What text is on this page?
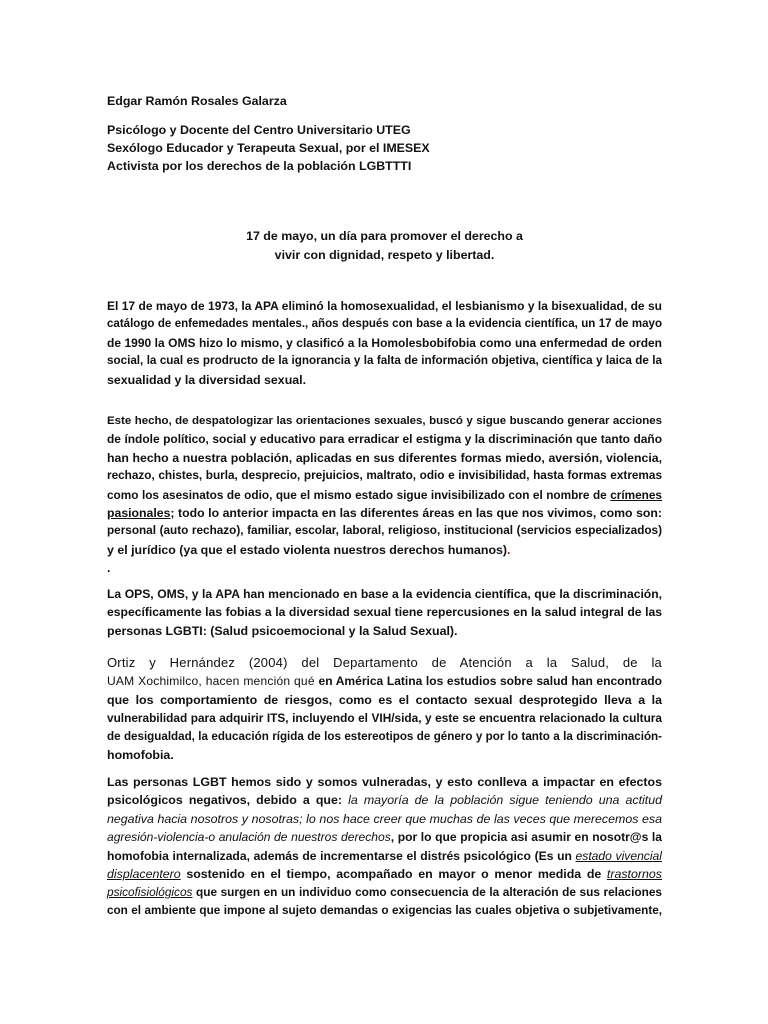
Edgar Ramón Rosales Galarza
Psicólogo y Docente del Centro Universitario UTEG
Sexólogo Educador y Terapeuta Sexual, por el IMESEX
Activista por los derechos de la población LGBTTTI
17 de mayo, un día para promover el derecho a
vivir con dignidad, respeto y libertad.
El 17 de mayo de 1973, la APA eliminó la homosexualidad, el lesbianismo y la bisexualidad, de su
catálogo de enfemedades mentales., años después con base a la evidencia científica, un 17 de mayo
de 1990 la OMS hizo lo mismo, y clasificó a la Homolesbobifobia como una enfermedad de orden
social, la cual es prodructo de la ignorancia y la falta de información objetiva, científica y laica de la
sexualidad y la diversidad sexual.
Este hecho, de despatologizar las orientaciones sexuales, buscó y sigue buscando generar acciones
de índole político, social y educativo para erradicar el estigma y la discriminación que tanto daño
han hecho a nuestra población, aplicadas en sus diferentes formas miedo, aversión, violencia,
rechazo, chistes, burla, desprecio, prejuicios, maltrato, odio e invisibilidad, hasta formas extremas
como los asesinatos de odio, que el mismo estado sigue invisibilizado con el nombre de crímenes
pasionales; todo lo anterior impacta en las diferentes áreas en las que nos vivimos, como son:
personal (auto rechazo), familiar, escolar, laboral, religioso, institucional (servicios especializados)
y el jurídico (ya que el estado violenta nuestros derechos humanos).
.
La OPS, OMS, y la APA han mencionado en base a la evidencia científica, que la discriminación,
específicamente las fobias a la diversidad sexual tiene repercusiones en la salud integral de las
personas LGBTI: (Salud psicoemocional y la Salud Sexual).
Ortiz y Hernández (2004) del Departamento de Atención a la Salud, de la
UAM Xochimilco, hacen mención qué en América Latina los estudios sobre salud han encontrado
que los comportamiento de riesgos, como es el contacto sexual desprotegido lleva a la
vulnerabilidad para adquirir ITS, incluyendo el VIH/sida, y este se encuentra relacionado la cultura
de desigualdad, la educación rígida de los estereotipos de género y por lo tanto a la discriminación-
homofobia.
Las personas LGBT hemos sido y somos vulneradas, y esto conlleva a impactar en efectos
psicológicos negativos, debido a que: la mayoría de la población sigue teniendo una actitud
negativa hacia nosotros y nosotras; lo nos hace creer que muchas de las veces que merecemos esa
agresión-violencia-o anulación de nuestros derechos, por lo que propicia asi asumir en nosotr@s la
homofobia internalizada, además de incrementarse el distrés psicológico (Es un estado vivencial
displacentero sostenido en el tiempo, acompañado en mayor o menor medida de trastornos
psicofisiológicos que surgen en un individuo como consecuencia de la alteración de sus relaciones
con el ambiente que impone al sujeto demandas o exigencias las cuales objetiva o subjetivamente,
